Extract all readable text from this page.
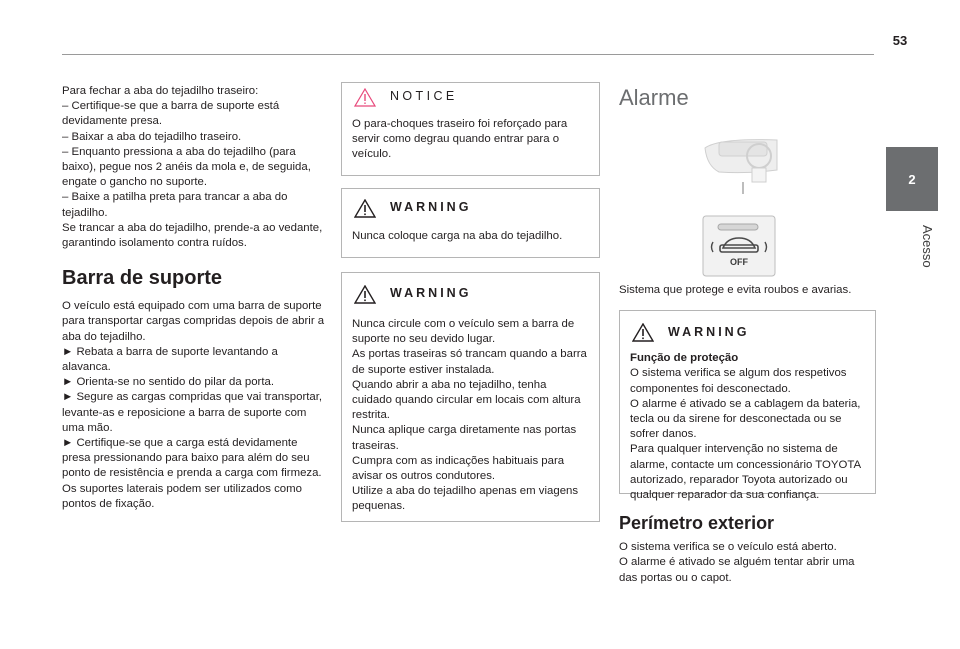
53
2
Acesso

Para fechar a aba do tejadilho traseiro:
– Certifique-se que a barra de suporte está devidamente presa.
– Baixar a aba do tejadilho traseiro.
– Enquanto pressiona a aba do tejadilho (para baixo), pegue nos 2 anéis da mola e, de seguida, engate o gancho no suporte.
– Baixe a patilha preta para trancar a aba do tejadilho.
Se trancar a aba do tejadilho, prende-a ao vedante, garantindo isolamento contra ruídos.

Barra de suporte

O veículo está equipado com uma barra de suporte para transportar cargas compridas depois de abrir a aba do tejadilho.
► Rebata a barra de suporte levantando a alavanca.
► Orienta-se no sentido do pilar da porta.
► Segure as cargas compridas que vai transportar, levante-as e reposicione a barra de suporte com uma mão.
► Certifique-se que a carga está devidamente presa pressionando para baixo para além do seu ponto de resistência e prenda a carga com firmeza.
Os suportes laterais podem ser utilizados como pontos de fixação.

NOTICE
O para-choques traseiro foi reforçado para servir como degrau quando entrar para o veículo.
WARNING
Nunca coloque carga na aba do tejadilho.
WARNING
Nunca circule com o veículo sem a barra de suporte no seu devido lugar.
As portas traseiras só trancam quando a barra de suporte estiver instalada.
Quando abrir a aba no tejadilho, tenha cuidado quando circular em locais com altura restrita.
Nunca aplique carga diretamente nas portas traseiras.
Cumpra com as indicações habituais para avisar os outros condutores.
Utilize a aba do tejadilho apenas em viagens pequenas.
Alarme
OFF

Sistema que protege e evita roubos e avarias.

WARNING
Função de proteção
O sistema verifica se algum dos respetivos componentes foi desconectado.
O alarme é ativado se a cablagem da bateria, tecla ou da sirene for desconectada ou se sofrer danos.
Para qualquer intervenção no sistema de alarme, contacte um concessionário TOYOTA autorizado, reparador Toyota autorizado ou qualquer reparador da sua confiança.
Perímetro exterior

O sistema verifica se o veículo está aberto.
O alarme é ativado se alguém tentar abrir uma das portas ou o capot.
